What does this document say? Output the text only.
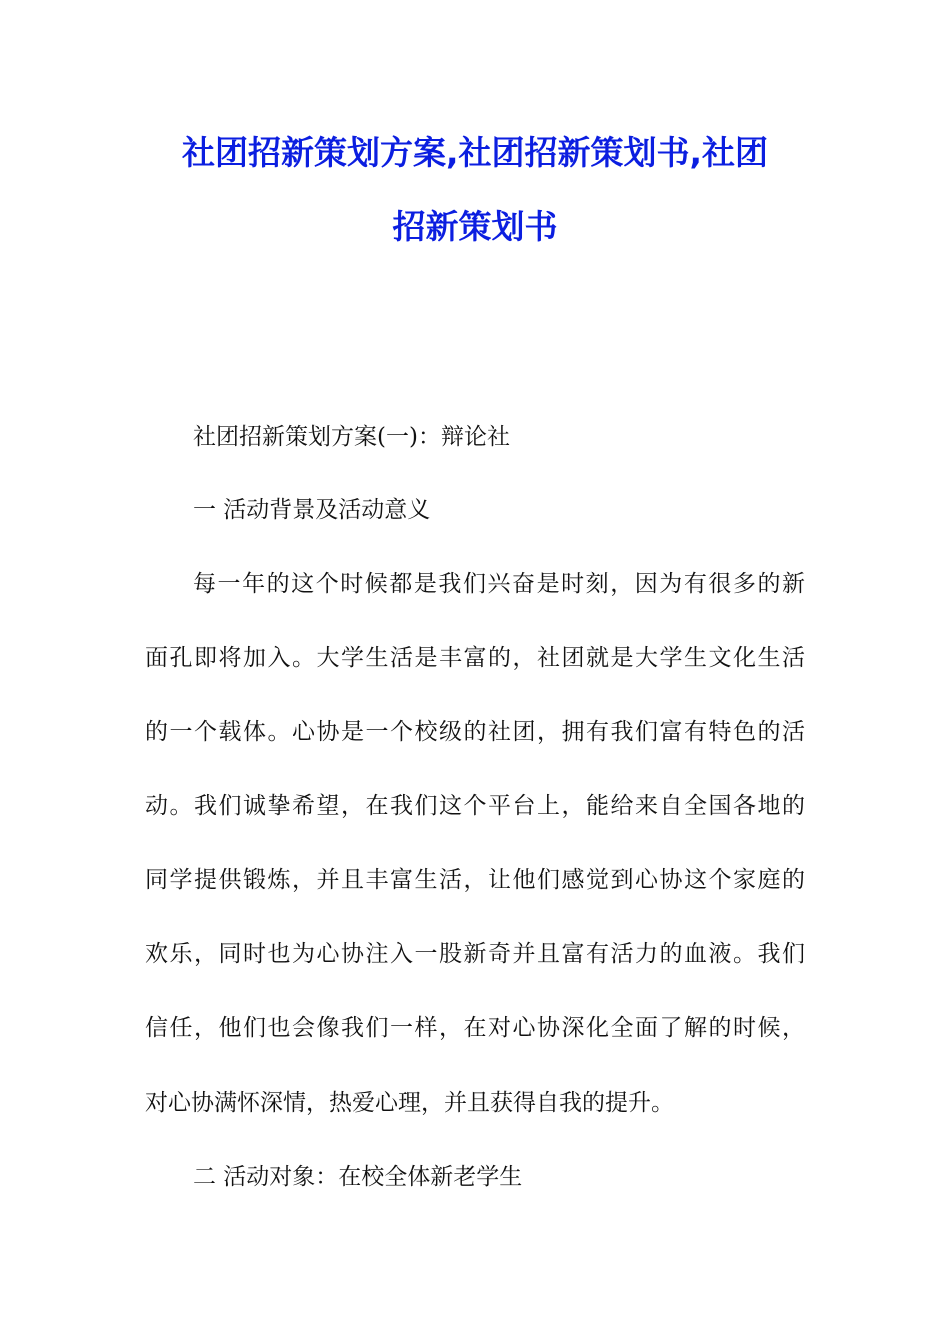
社团招新策划方案,社团招新策划书,社团
招新策划书

社团招新策划方案(一)：辩论社

一 活动背景及活动意义

每一年的这个时候都是我们兴奋是时刻，因为有很多的新

面孔即将加入。大学生活是丰富的，社团就是大学生文化生活

的一个载体。心协是一个校级的社团，拥有我们富有特色的活

动。我们诚挚希望，在我们这个平台上，能给来自全国各地的

同学提供锻炼，并且丰富生活，让他们感觉到心协这个家庭的

欢乐，同时也为心协注入一股新奇并且富有活力的血液。我们

信任，他们也会像我们一样，在对心协深化全面了解的时候，

对心协满怀深情，热爱心理，并且获得自我的提升。

二 活动对象：在校全体新老学生
